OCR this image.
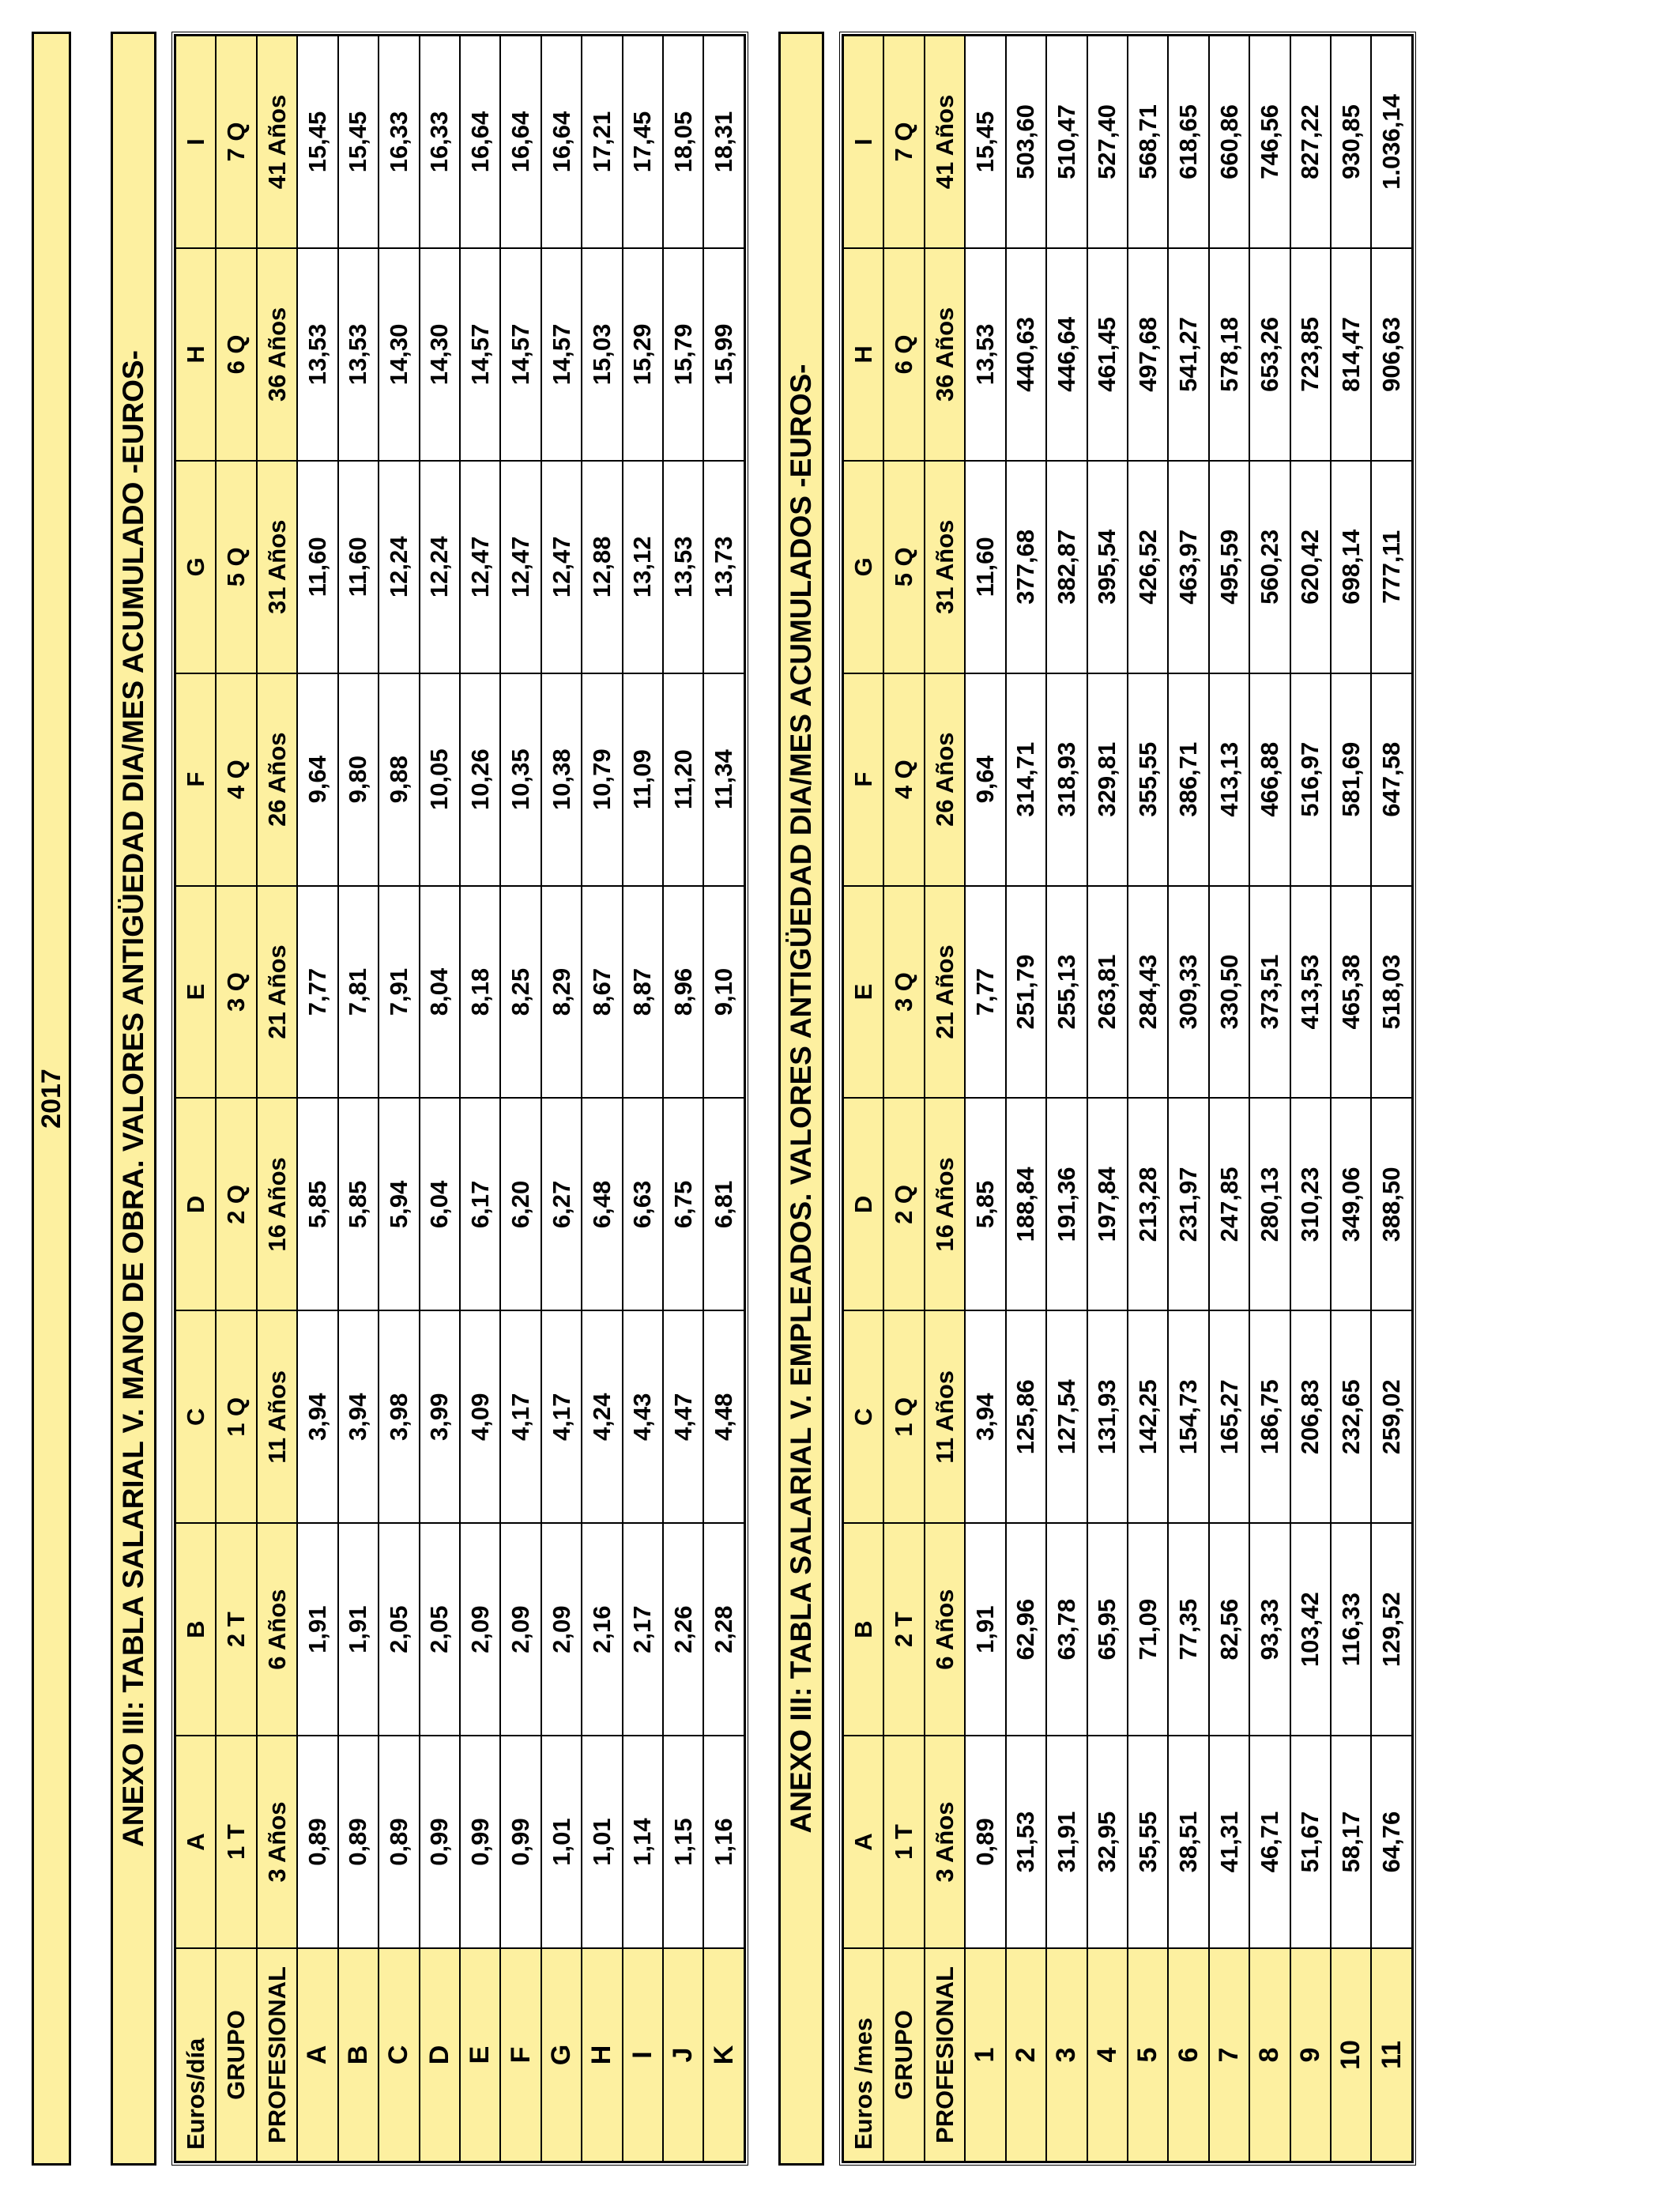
2017 ANEXO III: TABLA SALARIAL V. MANO DE OBRA. VALORES ANTIGÜEDAD DIA/MES ACUMULADO -EUROS-
Euros/día	A	B	C	D	E	F	G	H	I
GRUPO	1 T	2 T	1 Q	2 Q	3 Q	4 Q	5 Q	6 Q	7 Q
PROFESIONAL	3 Años	6 Años	11 Años	16 Años	21 Años	26 Años	31 Años	36 Años	41 Años
A	0,89	1,91	3,94	5,85	7,77	9,64	11,60	13,53	15,45
B	0,89	1,91	3,94	5,85	7,81	9,80	11,60	13,53	15,45
C	0,89	2,05	3,98	5,94	7,91	9,88	12,24	14,30	16,33
D	0,99	2,05	3,99	6,04	8,04	10,05	12,24	14,30	16,33
E	0,99	2,09	4,09	6,17	8,18	10,26	12,47	14,57	16,64
F	0,99	2,09	4,17	6,20	8,25	10,35	12,47	14,57	16,64
G	1,01	2,09	4,17	6,27	8,29	10,38	12,47	14,57	16,64
H	1,01	2,16	4,24	6,48	8,67	10,79	12,88	15,03	17,21
I	1,14	2,17	4,43	6,63	8,87	11,09	13,12	15,29	17,45
J	1,15	2,26	4,47	6,75	8,96	11,20	13,53	15,79	18,05
K	1,16	2,28	4,48	6,81	9,10	11,34	13,73	15,99	18,31
ANEXO III: TABLA SALARIAL V. EMPLEADOS. VALORES ANTIGÜEDAD DIA/MES ACUMULADOS -EUROS-
Euros /mes	A	B	C	D	E	F	G	H	I
GRUPO	1 T	2 T	1 Q	2 Q	3 Q	4 Q	5 Q	6 Q	7 Q
PROFESIONAL	3 Años	6 Años	11 Años	16 Años	21 Años	26 Años	31 Años	36 Años	41 Años
1	0,89	1,91	3,94	5,85	7,77	9,64	11,60	13,53	15,45
2	31,53	62,96	125,86	188,84	251,79	314,71	377,68	440,63	503,60
3	31,91	63,78	127,54	191,36	255,13	318,93	382,87	446,64	510,47
4	32,95	65,95	131,93	197,84	263,81	329,81	395,54	461,45	527,40
5	35,55	71,09	142,25	213,28	284,43	355,55	426,52	497,68	568,71
6	38,51	77,35	154,73	231,97	309,33	386,71	463,97	541,27	618,65
7	41,31	82,56	165,27	247,85	330,50	413,13	495,59	578,18	660,86
8	46,71	93,33	186,75	280,13	373,51	466,88	560,23	653,26	746,56
9	51,67	103,42	206,83	310,23	413,53	516,97	620,42	723,85	827,22
10	58,17	116,33	232,65	349,06	465,38	581,69	698,14	814,47	930,85
11	64,76	129,52	259,02	388,50	518,03	647,58	777,11	906,63	1.036,14
